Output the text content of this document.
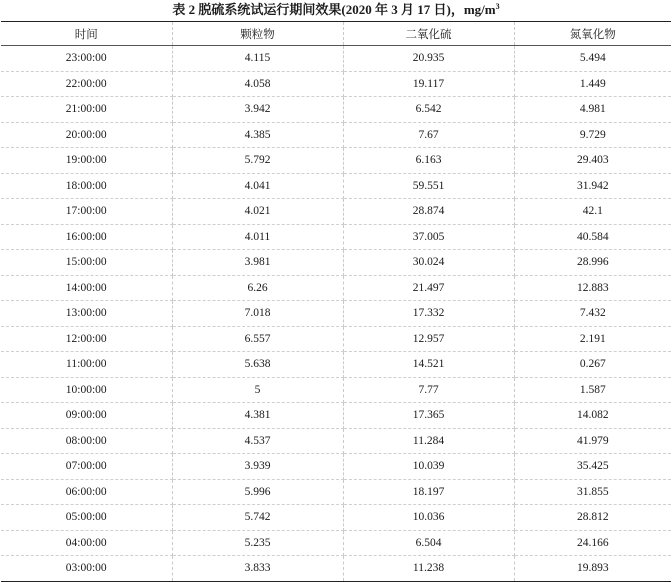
表 2 脱硫系统试运行期间效果(2020 年 3 月 17 日)，$mg/m^3$
时间	颗粒物	二氧化硫	氮氧化物
23:00:00	4.115	20.935	5.494
22:00:00	4.058	19.117	1.449
21:00:00	3.942	6.542	4.981
20:00:00	4.385	7.67	9.729
19:00:00	5.792	6.163	29.403
18:00:00	4.041	59.551	31.942
17:00:00	4.021	28.874	42.1
16:00:00	4.011	37.005	40.584
15:00:00	3.981	30.024	28.996
14:00:00	6.26	21.497	12.883
13:00:00	7.018	17.332	7.432
12:00:00	6.557	12.957	2.191
11:00:00	5.638	14.521	0.267
10:00:00	5	7.77	1.587
09:00:00	4.381	17.365	14.082
08:00:00	4.537	11.284	41.979
07:00:00	3.939	10.039	35.425
06:00:00	5.996	18.197	31.855
05:00:00	5.742	10.036	28.812
04:00:00	5.235	6.504	24.166
03:00:00	3.833	11.238	19.893
